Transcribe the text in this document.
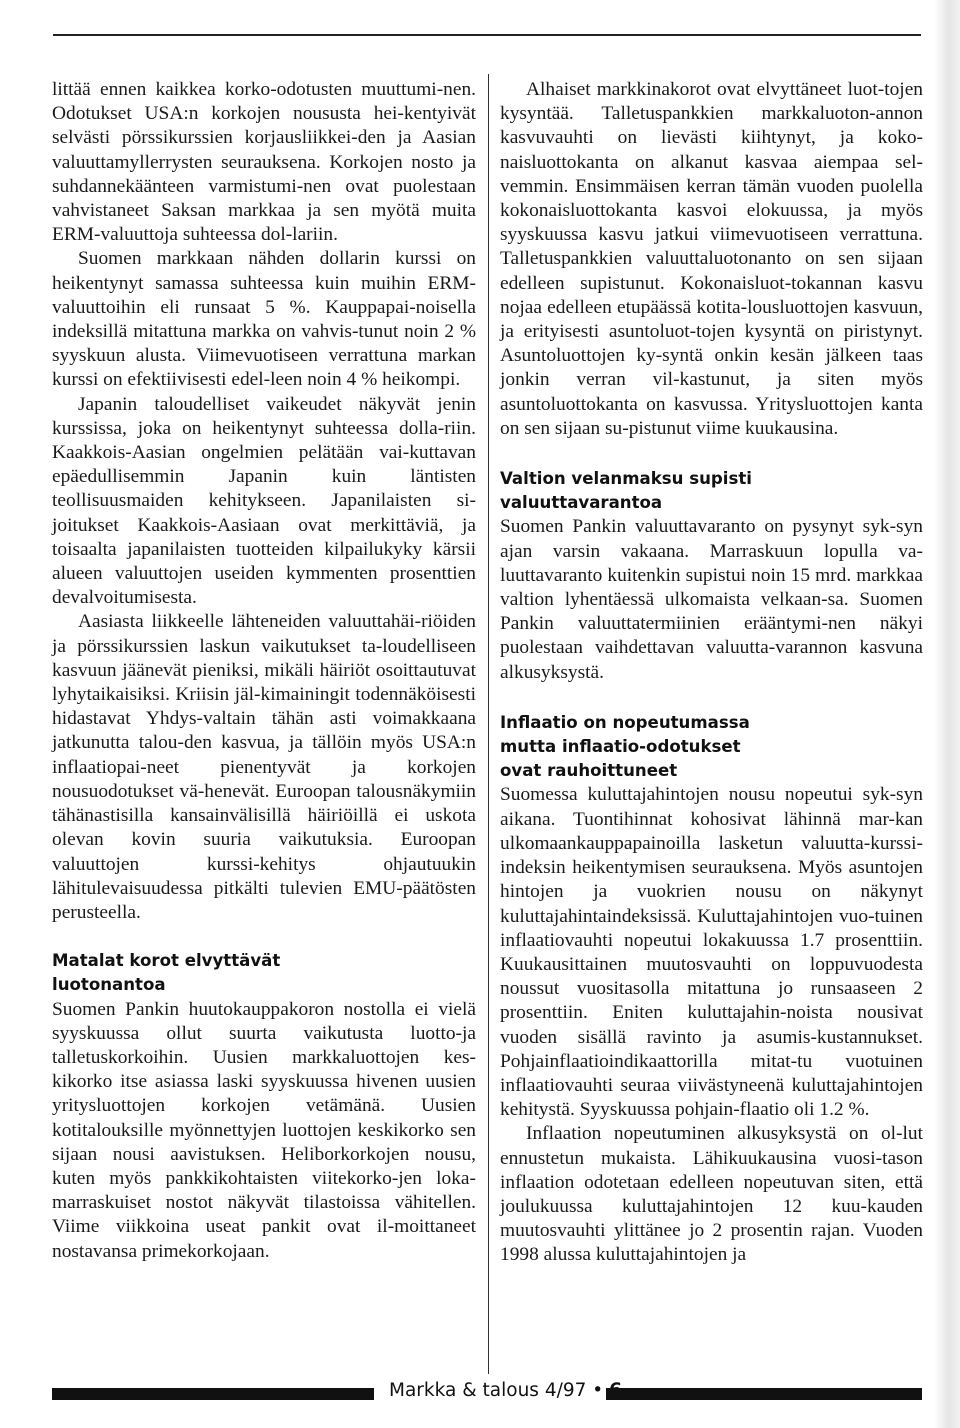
littää ennen kaikkea korko-odotusten muuttumi-nen. Odotukset USA:n korkojen noususta hei-kentyivät selvästi pörssikurssien korjausliikkei-den ja Aasian valuuttamyllerrysten seurauksena. Korkojen nosto ja suhdannekäänteen varmistumi-nen ovat puolestaan vahvistaneet Saksan markkaa ja sen myötä muita ERM-valuuttoja suhteessa dol-lariin.

Suomen markkaan nähden dollarin kurssi on heikentynyt samassa suhteessa kuin muihin ERM-valuuttoihin eli runsaat 5 %. Kauppapai-noisella indeksillä mitattuna markka on vahvis-tunut noin 2 % syyskuun alusta. Viimevuotiseen verrattuna markan kurssi on efektiivisesti edel-leen noin 4 % heikompi.

Japanin taloudelliset vaikeudet näkyvät jenin kurssissa, joka on heikentynyt suhteessa dolla-riin. Kaakkois-Aasian ongelmien pelätään vai-kuttavan epäedullisemmin Japanin kuin läntisten teollisuusmaiden kehitykseen. Japanilaisten si-joitukset Kaakkois-Aasiaan ovat merkittäviä, ja toisaalta japanilaisten tuotteiden kilpailukyky kärsii alueen valuuttojen useiden kymmenten prosenttien devalvoitumisesta.

Aasiasta liikkeelle lähteneiden valuuttahäi-riöiden ja pörssikurssien laskun vaikutukset ta-loudelliseen kasvuun jäänevät pieniksi, mikäli häiriöt osoittautuvat lyhytaikaisiksi. Kriisin jäl-kimainingit todennäköisesti hidastavat Yhdys-valtain tähän asti voimakkaana jatkunutta talou-den kasvua, ja tällöin myös USA:n inflaatiopai-neet pienentyvät ja korkojen nousuodotukset vä-henevät. Euroopan talousnäkymiin tähänastisilla kansainvälisillä häiriöillä ei uskota olevan kovin suuria vaikutuksia. Euroopan valuuttojen kurssi-kehitys ohjautuukin lähitulevaisuudessa pitkälti tulevien EMU-päätösten perusteella.

Matalat korot elvyttävät
luotonantoa

Suomen Pankin huutokauppakoron nostolla ei vielä syyskuussa ollut suurta vaikutusta luotto-ja talletuskorkoihin. Uusien markkaluottojen kes-kikorko itse asiassa laski syyskuussa hivenen uusien yritysluottojen korkojen vetämänä. Uusien kotitalouksille myönnettyjen luottojen keskikorko sen sijaan nousi aavistuksen. Heliborkorkojen nousu, kuten myös pankkikohtaisten viitekorko-jen loka-marraskuiset nostot näkyvät tilastoissa vähitellen. Viime viikkoina useat pankit ovat il-moittaneet nostavansa primekorkojaan.

Alhaiset markkinakorot ovat elvyttäneet luot-tojen kysyntää. Talletuspankkien markkaluoton-annon kasvuvauhti on lievästi kiihtynyt, ja koko-naisluottokanta on alkanut kasvaa aiempaa sel-vemmin. Ensimmäisen kerran tämän vuoden puolella kokonaisluottokanta kasvoi elokuussa, ja myös syyskuussa kasvu jatkui viimevuotiseen verrattuna. Talletuspankkien valuuttaluotonanto on sen sijaan edelleen supistunut. Kokonaisluot-tokannan kasvu nojaa edelleen etupäässä kotita-lousluottojen kasvuun, ja erityisesti asuntoluot-tojen kysyntä on piristynyt. Asuntoluottojen ky-syntä onkin kesän jälkeen taas jonkin verran vil-kastunut, ja siten myös asuntoluottokanta on kasvussa. Yritysluottojen kanta on sen sijaan su-pistunut viime kuukausina.

Valtion velanmaksu supisti
valuuttavarantoa

Suomen Pankin valuuttavaranto on pysynyt syk-syn ajan varsin vakaana. Marraskuun lopulla va-luuttavaranto kuitenkin supistui noin 15 mrd. markkaa valtion lyhentäessä ulkomaista velkaan-sa. Suomen Pankin valuuttatermiinien erääntymi-nen näkyi puolestaan vaihdettavan valuutta-varannon kasvuna alkusyksystä.

Inflaatio on nopeutumassa
mutta inflaatio-odotukset
ovat rauhoittuneet

Suomessa kuluttajahintojen nousu nopeutui syk-syn aikana. Tuontihinnat kohosivat lähinnä mar-kan ulkomaankauppapainoilla lasketun valuutta-kurssi-indeksin heikentymisen seurauksena. Myös asuntojen hintojen ja vuokrien nousu on näkynyt kuluttajahintaindeksissä. Kuluttajahintojen vuo-tuinen inflaatiovauhti nopeutui lokakuussa 1.7 prosenttiin. Kuukausittainen muutosvauhti on loppuvuodesta noussut vuositasolla mitattuna jo runsaaseen 2 prosenttiin. Eniten kuluttajahin-noista nousivat vuoden sisällä ravinto ja asumis-kustannukset. Pohjainflaatioindikaattorilla mitat-tu vuotuinen inflaatiovauhti seuraa viivästyneenä kuluttajahintojen kehitystä. Syyskuussa pohjain-flaatio oli 1.2 %.

Inflaation nopeutuminen alkusyksystä on ol-lut ennustetun mukaista. Lähikuukausina vuosi-tason inflaation odotetaan edelleen nopeutuvan siten, että joulukuussa kuluttajahintojen 12 kuu-kauden muutosvauhti ylittänee jo 2 prosentin rajan. Vuoden 1998 alussa kuluttajahintojen ja

Markka & talous 4/97 •
